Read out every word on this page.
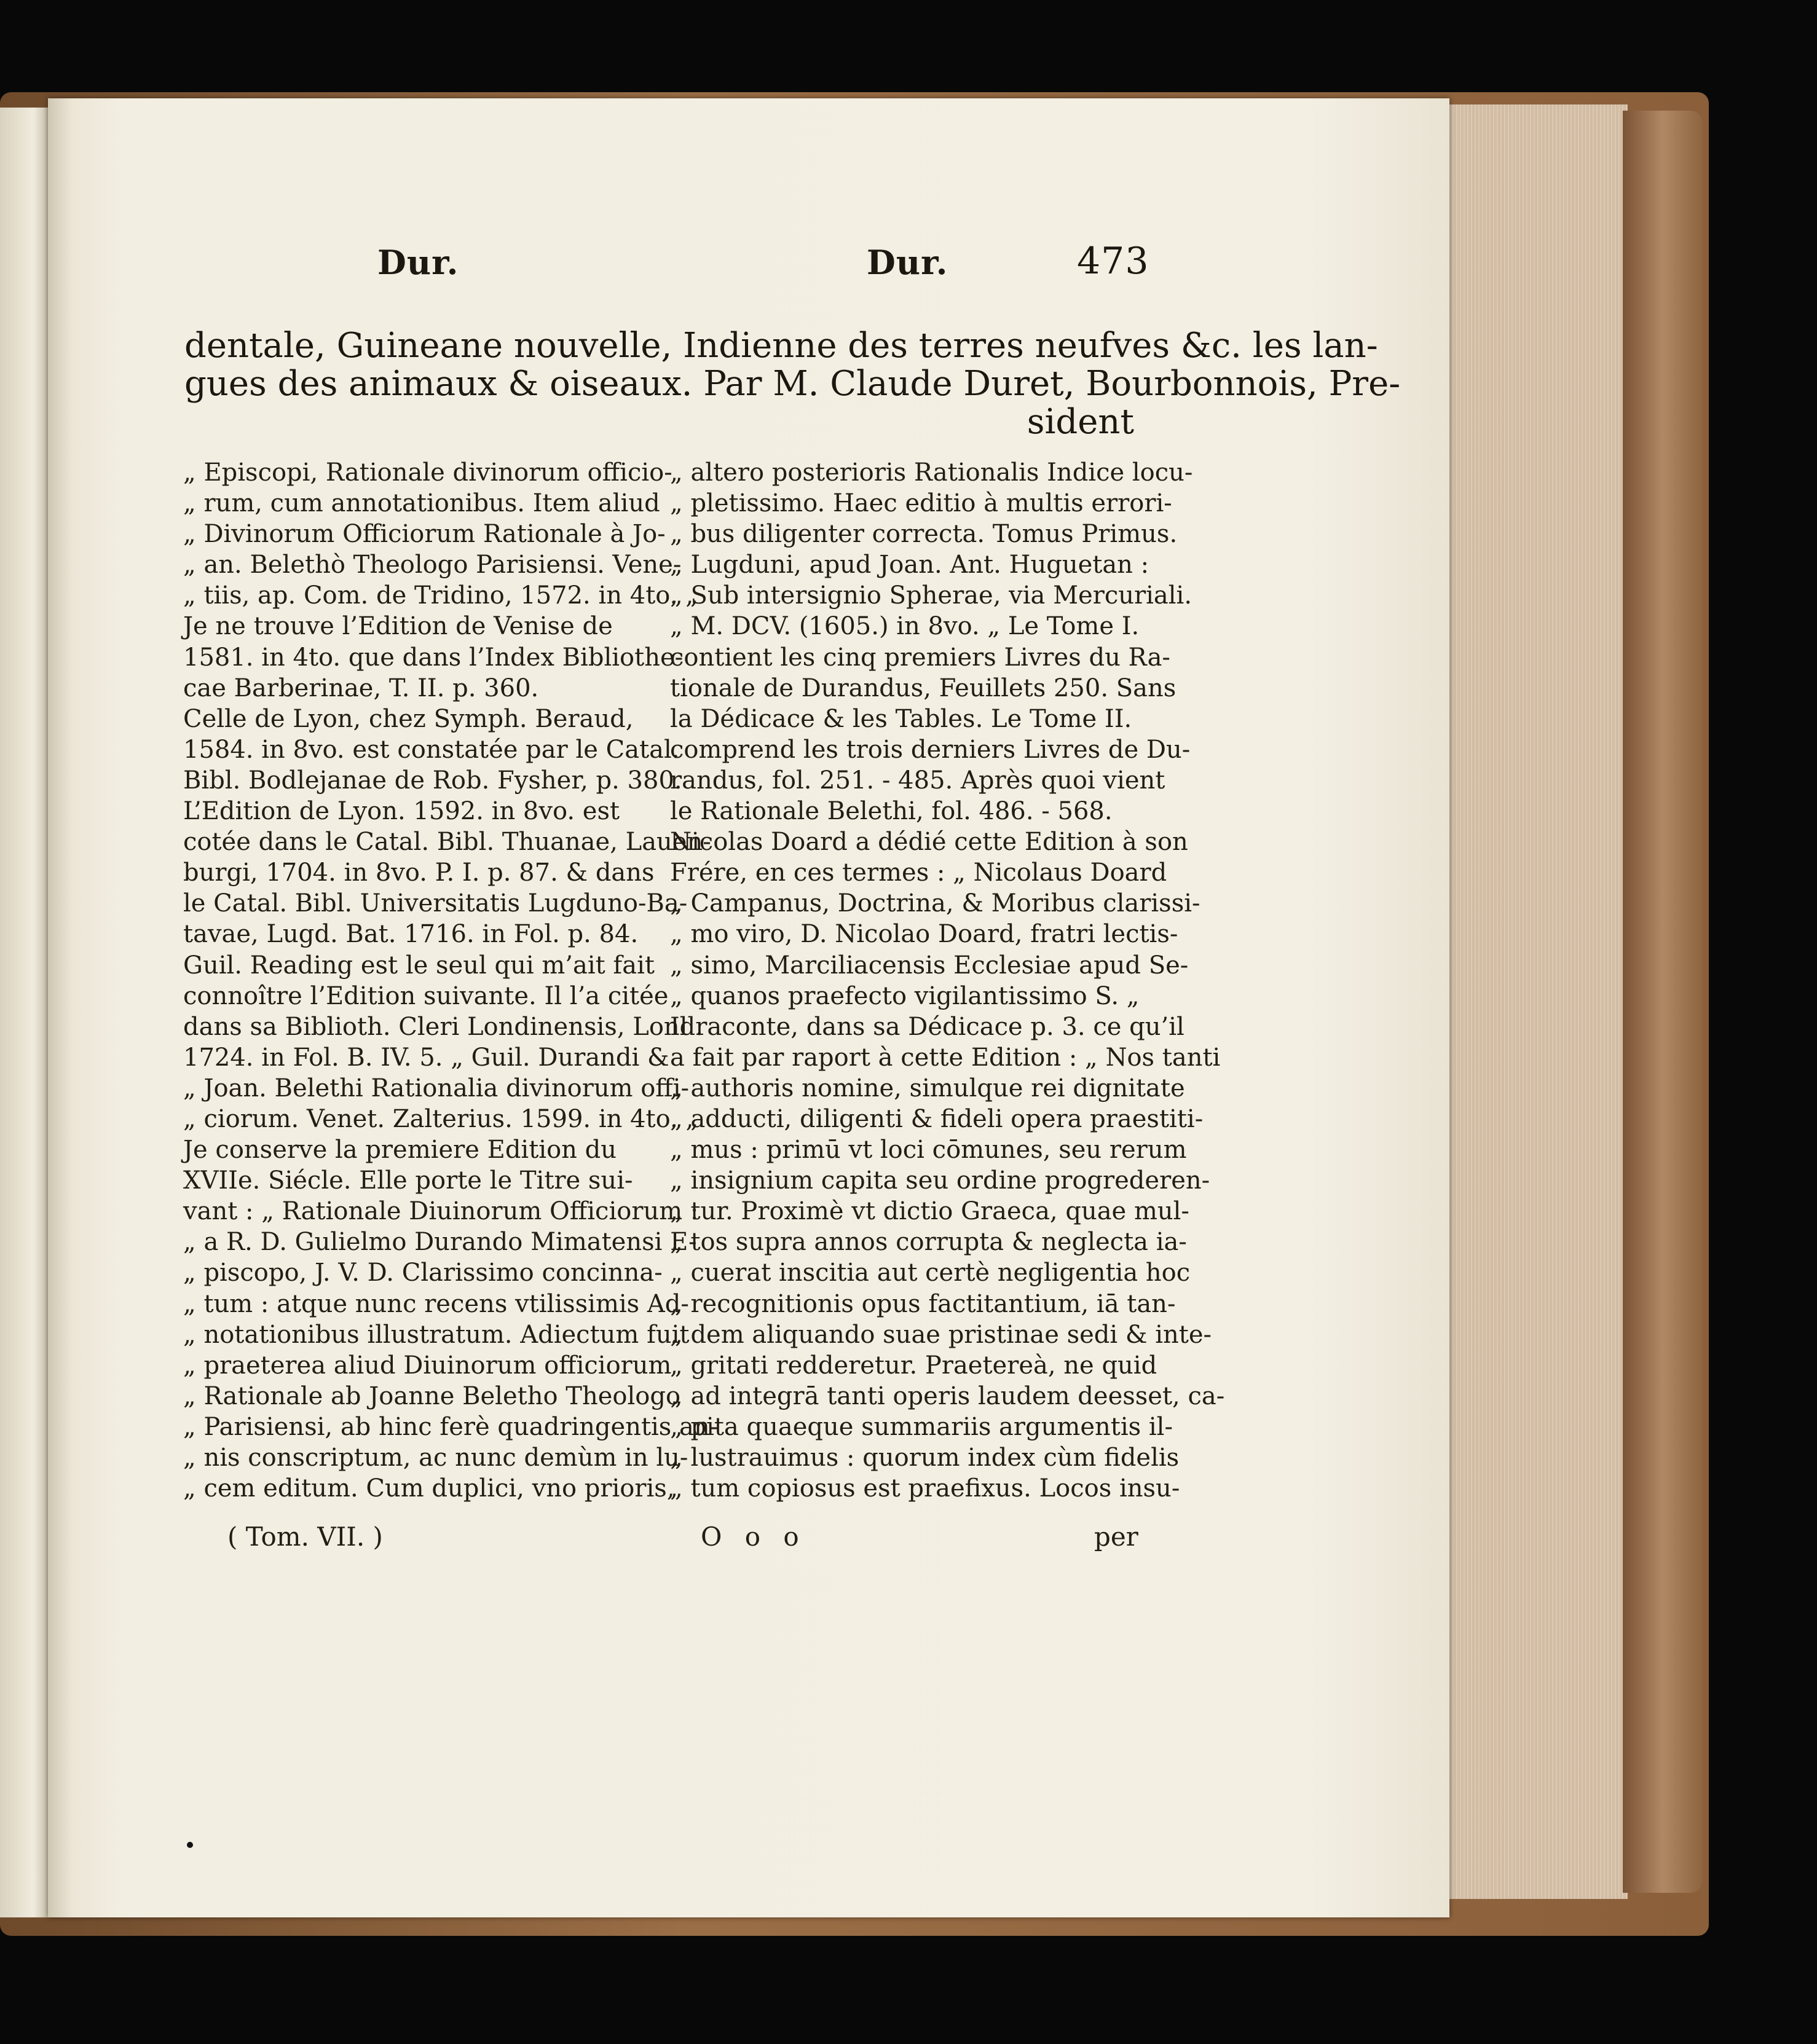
Dur.	Dur.	473
dentale, Guineane nouvelle, Indienne des terres neufves &c. les lan-
gues des animaux & oiseaux. Par M. Claude Duret, Bourbonnois, Pre-
sident
„ Episcopi, Rationale divinorum officio-
„ rum, cum annotationibus. Item aliud
„ Divinorum Officiorum Rationale à Jo-
„ an. Belethò Theologo Parisiensi. Vene-
„ tiis, ap. Com. de Tridino, 1572. in 4to. „
Je ne trouve l’Edition de Venise de
1581. in 4to. que dans l’Index Bibliothe-
cae Barberinae, T. II. p. 360.
Celle de Lyon, chez Symph. Beraud,
1584. in 8vo. est constatée par le Catal.
Bibl. Bodlejanae de Rob. Fysher, p. 380.
L’Edition de Lyon. 1592. in 8vo. est
cotée dans le Catal. Bibl. Thuanae, Lauen-
burgi, 1704. in 8vo. P. I. p. 87. & dans
le Catal. Bibl. Universitatis Lugduno-Ba-
tavae, Lugd. Bat. 1716. in Fol. p. 84.
Guil. Reading est le seul qui m’ait fait
connoître l’Edition suivante. Il l’a citée
dans sa Biblioth. Cleri Londinensis, Lond.
1724. in Fol. B. IV. 5. „ Guil. Durandi &
„ Joan. Belethi Rationalia divinorum offi-
„ ciorum. Venet. Zalterius. 1599. in 4to. „
Je conserve la premiere Edition du
XVIIe. Siécle. Elle porte le Titre sui-
vant : „ Rationale Diuinorum Officiorum :
„ a R. D. Gulielmo Durando Mimatensi E-
„ piscopo, J. V. D. Clarissimo concinna-
„ tum : atque nunc recens vtilissimis Ad-
„ notationibus illustratum. Adiectum fuit
„ praeterea aliud Diuinorum officiorum
„ Rationale ab Joanne Beletho Theologo
„ Parisiensi, ab hinc ferè quadringentis an-
„ nis conscriptum, ac nunc demùm in lu-
„ cem editum. Cum duplici, vno prioris,
„ altero posterioris Rationalis Indice locu-
„ pletissimo. Haec editio à multis errori-
„ bus diligenter correcta. Tomus Primus.
„ Lugduni, apud Joan. Ant. Huguetan :
„ Sub intersignio Spherae, via Mercuriali.
„ M. DCV. (1605.) in 8vo. „ Le Tome I.
contient les cinq premiers Livres du Ra-
tionale de Durandus, Feuillets 250. Sans
la Dédicace & les Tables. Le Tome II.
comprend les trois derniers Livres de Du-
randus, fol. 251. - 485. Après quoi vient
le Rationale Belethi, fol. 486. - 568.
Nicolas Doard a dédié cette Edition à son
Frére, en ces termes : „ Nicolaus Doard
„ Campanus, Doctrina, & Moribus clarissi-
„ mo viro, D. Nicolao Doard, fratri lectis-
„ simo, Marciliacensis Ecclesiae apud Se-
„ quanos praefecto vigilantissimo S. „
Il raconte, dans sa Dédicace p. 3. ce qu’il
a fait par raport à cette Edition : „ Nos tanti
„ authoris nomine, simulque rei dignitate
„ adducti, diligenti & fideli opera praestiti-
„ mus : primū vt loci cōmunes, seu rerum
„ insignium capita seu ordine progrederen-
„ tur. Proximè vt dictio Graeca, quae mul-
„ tos supra annos corrupta & neglecta ia-
„ cuerat inscitia aut certè negligentia hoc
„ recognitionis opus factitantium, iā tan-
„ dem aliquando suae pristinae sedi & inte-
„ gritati redderetur. Praetereà, ne quid
„ ad integrā tanti operis laudem deesset, ca-
„ pita quaeque summariis argumentis il-
„ lustrauimus : quorum index cùm fidelis
„ tum copiosus est praefixus. Locos insu-
( Tom. VII. )	O o o	per
